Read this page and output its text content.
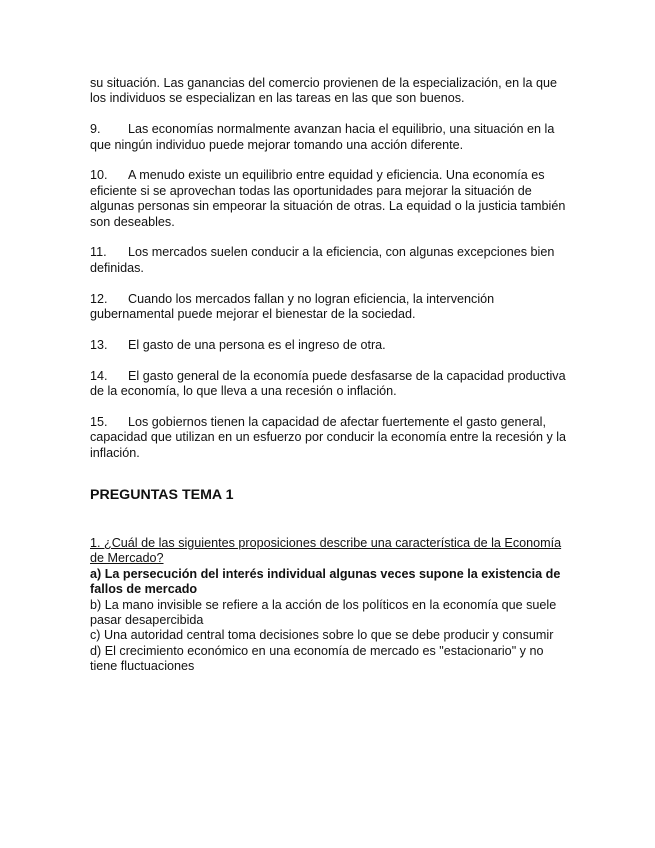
su situación. Las ganancias del comercio provienen de la especialización, en la que los individuos se especializan en las tareas en las que son buenos.

9. Las economías normalmente avanzan hacia el equilibrio, una situación en la que ningún individuo puede mejorar tomando una acción diferente.

10. A menudo existe un equilibrio entre equidad y eficiencia. Una economía es eficiente si se aprovechan todas las oportunidades para mejorar la situación de algunas personas sin empeorar la situación de otras. La equidad o la justicia también son deseables.

11. Los mercados suelen conducir a la eficiencia, con algunas excepciones bien definidas.

12. Cuando los mercados fallan y no logran eficiencia, la intervención gubernamental puede mejorar el bienestar de la sociedad.

13. El gasto de una persona es el ingreso de otra.

14. El gasto general de la economía puede desfasarse de la capacidad productiva de la economía, lo que lleva a una recesión o inflación.

15. Los gobiernos tienen la capacidad de afectar fuertemente el gasto general, capacidad que utilizan en un esfuerzo por conducir la economía entre la recesión y la inflación.

PREGUNTAS TEMA 1

1. ¿Cuál de las siguientes proposiciones describe una característica de la Economía de Mercado?

a) La persecución del interés individual algunas veces supone la existencia de fallos de mercado

b) La mano invisible se refiere a la acción de los políticos en la economía que suele pasar desapercibida

c) Una autoridad central toma decisiones sobre lo que se debe producir y consumir

d) El crecimiento económico en una economía de mercado es "estacionario" y no tiene fluctuaciones
